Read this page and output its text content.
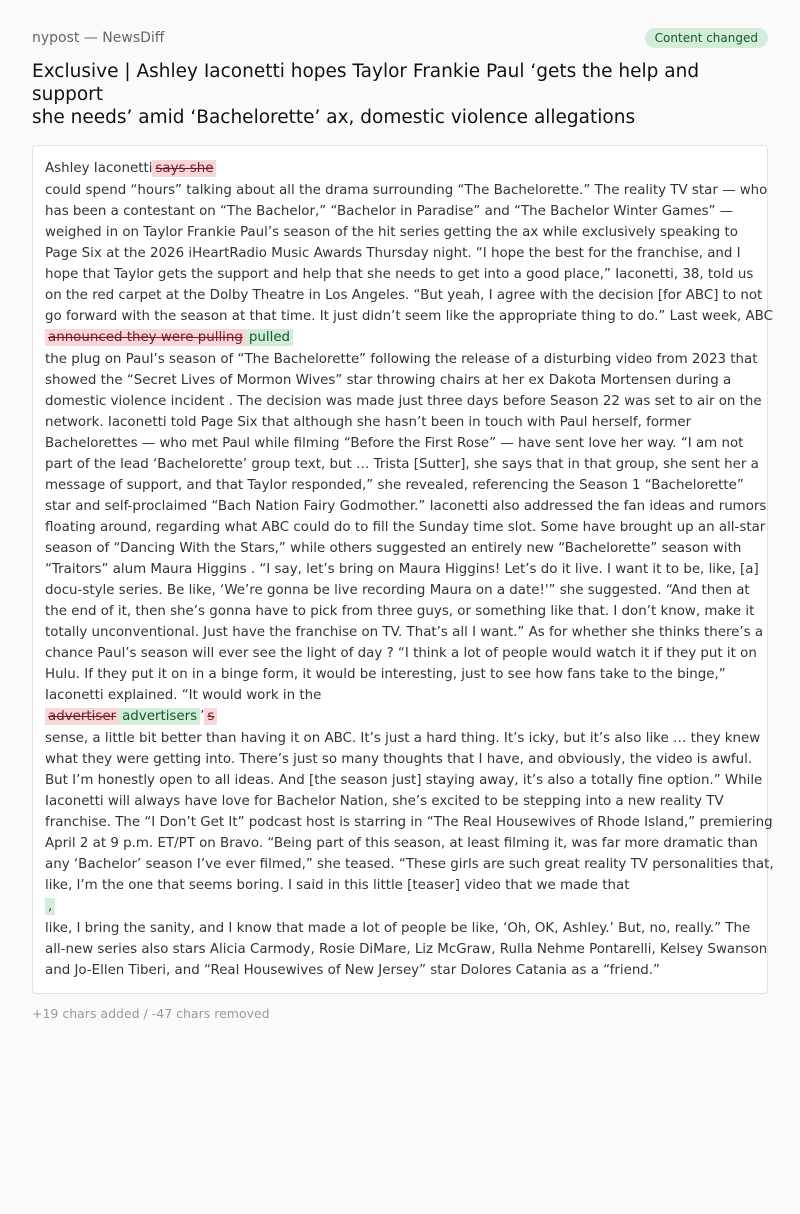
nypost — NewsDiff	Content changed
Exclusive | Ashley Iaconetti hopes Taylor Frankie Paul ‘gets the help and support
she needs’ amid ‘Bachelorette’ ax, domestic violence allegations
Ashley Iaconetti says she
could spend “hours” talking about all the drama surrounding “The Bachelorette.” The reality TV star — who
has been a contestant on “The Bachelor,” “Bachelor in Paradise” and “The Bachelor Winter Games” —
weighed in on Taylor Frankie Paul’s season of the hit series getting the ax while exclusively speaking to
Page Six at the 2026 iHeartRadio Music Awards Thursday night. “I hope the best for the franchise, and I
hope that Taylor gets the support and help that she needs to get into a good place,” Iaconetti, 38, told us
on the red carpet at the Dolby Theatre in Los Angeles. “But yeah, I agree with the decision [for ABC] to not
go forward with the season at that time. It just didn’t seem like the appropriate thing to do.” Last week, ABC
announced they were pulling pulled
the plug on Paul’s season of “The Bachelorette” following the release of a disturbing video from 2023 that
showed the “Secret Lives of Mormon Wives” star throwing chairs at her ex Dakota Mortensen during a
domestic violence incident . The decision was made just three days before Season 22 was set to air on the
network. Iaconetti told Page Six that although she hasn’t been in touch with Paul herself, former
Bachelorettes — who met Paul while filming “Before the First Rose” — have sent love her way. “I am not
part of the lead ‘Bachelorette’ group text, but … Trista [Sutter], she says that in that group, she sent her a
message of support, and that Taylor responded,” she revealed, referencing the Season 1 “Bachelorette”
star and self-proclaimed “Bach Nation Fairy Godmother.” Iaconetti also addressed the fan ideas and rumors
floating around, regarding what ABC could do to fill the Sunday time slot. Some have brought up an all-star
season of “Dancing With the Stars,” while others suggested an entirely new “Bachelorette” season with
“Traitors” alum Maura Higgins . “I say, let’s bring on Maura Higgins! Let’s do it live. I want it to be, like, [a]
docu-style series. Be like, ‘We’re gonna be live recording Maura on a date!'” she suggested. “And then at
the end of it, then she’s gonna have to pick from three guys, or something like that. I don’t know, make it
totally unconventional. Just have the franchise on TV. That’s all I want.” As for whether she thinks there’s a
chance Paul’s season will ever see the light of day ? “I think a lot of people would watch it if they put it on
Hulu. If they put it on in a binge form, it would be interesting, just to see how fans take to the binge,”
Iaconetti explained. “It would work in the
advertiser advertisers ’ s
sense, a little bit better than having it on ABC. It’s just a hard thing. It’s icky, but it’s also like … they knew
what they were getting into. There’s just so many thoughts that I have, and obviously, the video is awful.
But I’m honestly open to all ideas. And [the season just] staying away, it’s also a totally fine option.” While
Iaconetti will always have love for Bachelor Nation, she’s excited to be stepping into a new reality TV
franchise. The “I Don’t Get It” podcast host is starring in “The Real Housewives of Rhode Island,” premiering
April 2 at 9 p.m. ET/PT on Bravo. “Being part of this season, at least filming it, was far more dramatic than
any ‘Bachelor’ season I’ve ever filmed,” she teased. “These girls are such great reality TV personalities that,
like, I’m the one that seems boring. I said in this little [teaser] video that we made that
,
like, I bring the sanity, and I know that made a lot of people be like, ‘Oh, OK, Ashley.’ But, no, really.” The
all-new series also stars Alicia Carmody, Rosie DiMare, Liz McGraw, Rulla Nehme Pontarelli, Kelsey Swanson
and Jo-Ellen Tiberi, and “Real Housewives of New Jersey” star Dolores Catania as a “friend.”
+19 chars added / -47 chars removed
